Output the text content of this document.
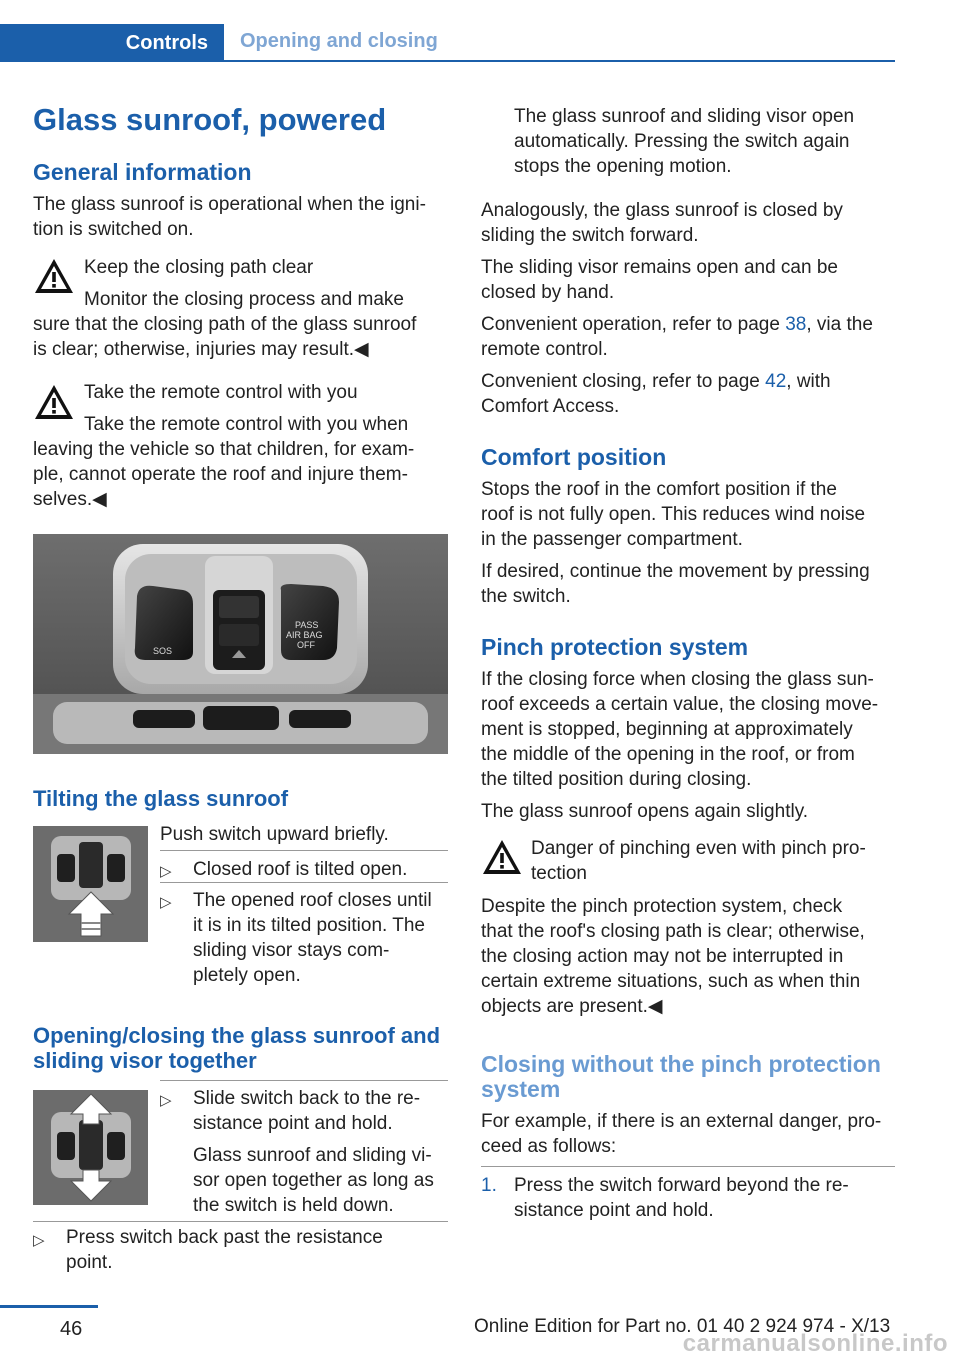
Controls Opening and closing
Glass sunroof, powered
General information
The glass sunroof is operational when the igni-
tion is switched on.
Keep the closing path clear
Monitor the closing process and make
sure that the closing path of the glass sunroof
is clear; otherwise, injuries may result.◀
Take the remote control with you
Take the remote control with you when
leaving the vehicle so that children, for exam-
ple, cannot operate the roof and injure them-
selves.◀
SOS
PASS
AIR BAG
OFF
Tilting the glass sunroof
Push switch upward briefly.
▷ Closed roof is tilted open.
▷ The opened roof closes until
it is in its tilted position. The
sliding visor stays com-
pletely open.
Opening/closing the glass sunroof and
sliding visor together
▷ Slide switch back to the re-
sistance point and hold.
Glass sunroof and sliding vi-
sor open together as long as
the switch is held down.
▷ Press switch back past the resistance
point.
The glass sunroof and sliding visor open
automatically. Pressing the switch again
stops the opening motion.
Analogously, the glass sunroof is closed by
sliding the switch forward.
The sliding visor remains open and can be
closed by hand.
Convenient operation, refer to page 38, via the
remote control.
Convenient closing, refer to page 42, with
Comfort Access.
Comfort position
Stops the roof in the comfort position if the
roof is not fully open. This reduces wind noise
in the passenger compartment.
If desired, continue the movement by pressing
the switch.
Pinch protection system
If the closing force when closing the glass sun-
roof exceeds a certain value, the closing move-
ment is stopped, beginning at approximately
the middle of the opening in the roof, or from
the tilted position during closing.
The glass sunroof opens again slightly.
Danger of pinching even with pinch pro-
tection
Despite the pinch protection system, check
that the roof's closing path is clear; otherwise,
the closing action may not be interrupted in
certain extreme situations, such as when thin
objects are present.◀
Closing without the pinch protection
system
For example, if there is an external danger, pro-
ceed as follows:
1. Press the switch forward beyond the re-
sistance point and hold.
46	Online Edition for Part no. 01 40 2 924 974 - X/13
carmanualsonline.info
